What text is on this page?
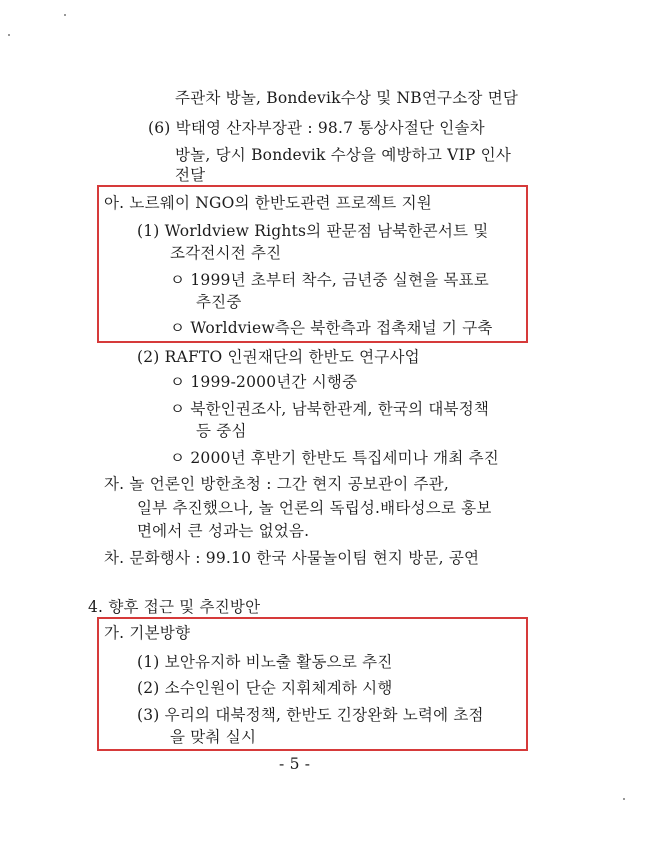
주관차 방놀, Bondevik수상 및 NB연구소장 면담
(6) 박태영 산자부장관 : 98.7 통상사절단 인솔차
방놀, 당시 Bondevik 수상을 예방하고 VIP 인사
전달
아. 노르웨이 NGO의 한반도관련 프로젝트 지원
(1) Worldview Rights의 판문점 남북한콘서트 및
조각전시전 추진
ㅇ 1999년 초부터 착수, 금년중 실현을 목표로
추진중
ㅇ Worldview측은 북한측과 접촉채널 기 구축
(2) RAFTO 인권재단의 한반도 연구사업
ㅇ 1999-2000년간 시행중
ㅇ 북한인권조사, 남북한관계, 한국의 대북정책
등 중심
ㅇ 2000년 후반기 한반도 특집세미나 개최 추진
자. 놀 언론인 방한초청 : 그간 현지 공보관이 주관,
일부 추진했으나, 놀 언론의 독립성.배타성으로 홍보
면에서 큰 성과는 없었음.
차. 문화행사 : 99.10 한국 사물놀이팀 현지 방문, 공연
4. 향후 접근 및 추진방안
가. 기본방향
(1) 보안유지하 비노출 활동으로 추진
(2) 소수인원이 단순 지휘체계하 시행
(3) 우리의 대북정책, 한반도 긴장완화 노력에 초점
을 맞춰 실시
- 5 -
